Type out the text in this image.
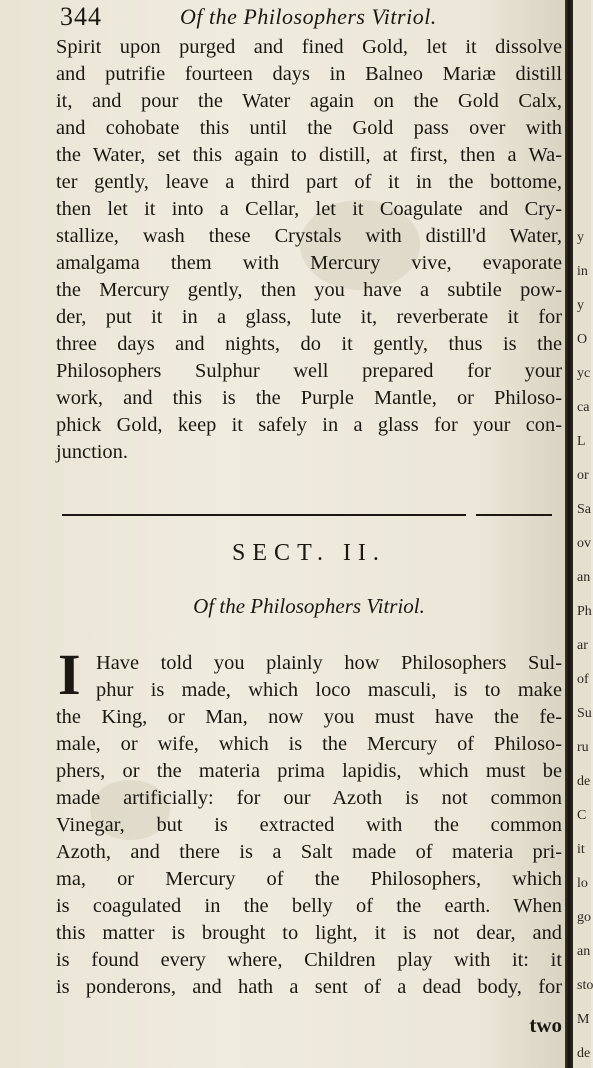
344	Of the Philosophers Vitriol.
Spirit upon purged and fined Gold, let it dissolve
and putrifie fourteen days in Balneo Mariæ distill
it, and pour the Water again on the Gold Calx,
and cohobate this until the Gold pass over with
the Water, set this again to distill, at first, then a Wa-
ter gently, leave a third part of it in the bottome,
then let it into a Cellar, let it Coagulate and Cry-
stallize, wash these Crystals with distill'd Water,
amalgama them with Mercury vive, evaporate
the Mercury gently, then you have a subtile pow-
der, put it in a glass, lute it, reverberate it for
three days and nights, do it gently, thus is the
Philosophers Sulphur well prepared for your
work, and this is the Purple Mantle, or Philoso-
phick Gold, keep it safely in a glass for your con-
junction.
SECT. II.
Of the Philosophers Vitriol.
I Have told you plainly how Philosophers Sul-
phur is made, which loco masculi, is to make
the King, or Man, now you must have the fe-
male, or wife, which is the Mercury of Philoso-
phers, or the materia prima lapidis, which must be
made artificially: for our Azoth is not common
Vinegar, but is extracted with the common
Azoth, and there is a Salt made of materia pri-
ma, or Mercury of the Philosophers, which
is coagulated in the belly of the earth. When
this matter is brought to light, it is not dear, and
is found every where, Children play with it: it
is ponderons, and hath a sent of a dead body, for
two
y
in
y
O
yc
ca
L
or
Sa
ov
an
Ph
ar
of
Su
ru
de
C
it
lo
go
an
sto
M
de
